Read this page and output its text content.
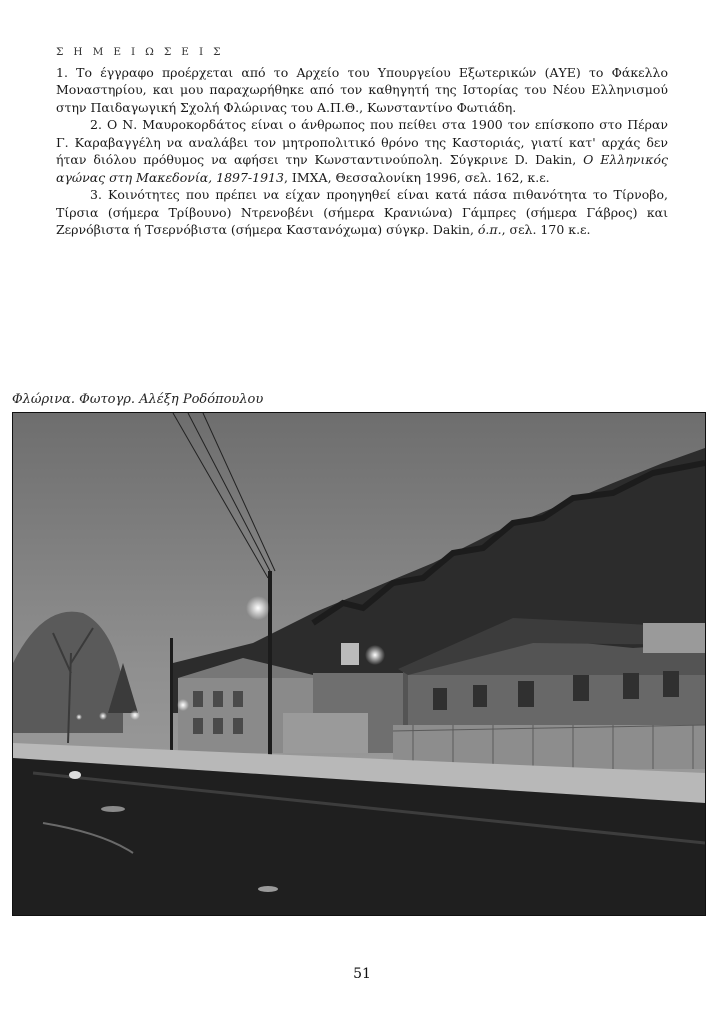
ΣΗΜΕΙΩΣΕΙΣ

1. Το έγγραφο προέρχεται από το Αρχείο του Υπουργείου Εξωτερικών (ΑΥΕ) το Φάκελλο Μοναστηρίου, και μου παραχωρήθηκε από τον καθηγητή της Ιστορίας του Νέου Ελληνισμού στην Παιδαγωγική Σχολή Φλώρινας του Α.Π.Θ., Κωνσταντίνο Φωτιάδη.

2. Ο Ν. Μαυροκορδάτος είναι ο άνθρωπος που πείθει στα 1900 τον επίσκοπο στο Πέραν Γ. Καραβαγγέλη να αναλάβει τον μητροπολιτικό θρόνο της Καστοριάς, γιατί κατ' αρχάς δεν ήταν διόλου πρόθυμος να αφήσει την Κωνσταντινούπολη. Σύγκρινε D. Dakin, Ο Ελληνικός αγώνας στη Μακεδονία, 1897-1913, ΙΜΧΑ, Θεσσαλονίκη 1996, σελ. 162, κ.ε.

3. Κοινότητες που πρέπει να είχαν προηγηθεί είναι κατά πάσα πιθανότητα το Τίρνοβο, Τίρσια (σήμερα Τρίβουνο) Ντρενοβένι (σήμερα Κρανιώνα) Γάμπρες (σήμερα Γάβρος) και Ζερνόβιστα ή Τσερνόβιστα (σήμερα Καστανόχωμα) σύγκρ. Dakin, ό.π., σελ. 170 κ.ε.

Φλώρινα. Φωτογρ. Αλέξη Ροδόπουλου
51
